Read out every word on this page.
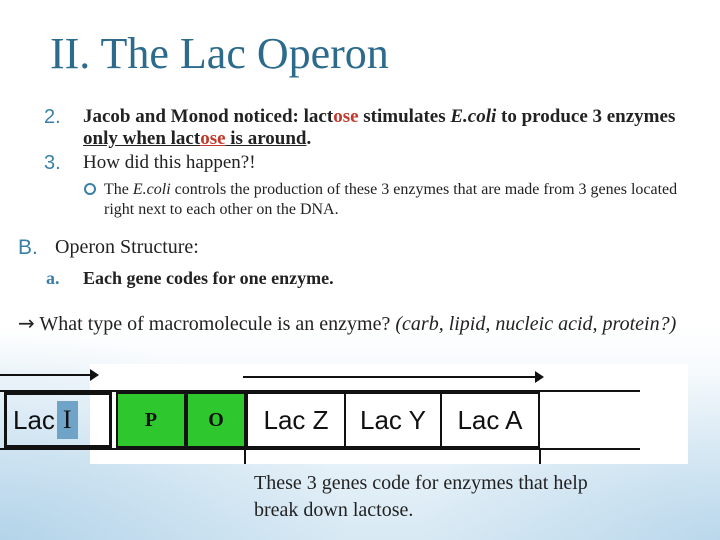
II. The Lac Operon
2. Jacob and Monod noticed: lactose stimulates E.coli to produce 3 enzymes only when lactose is around.
3. How did this happen?!
The E.coli controls the production of these 3 enzymes that are made from 3 genes located right next to each other on the DNA.
B. Operon Structure:
a. Each gene codes for one enzyme.
→ What type of macromolecule is an enzyme? (carb, lipid, nucleic acid, protein?)
Lac I	P	O Lac Z Lac Y Lac A
These 3 genes code for enzymes that help break down lactose.
